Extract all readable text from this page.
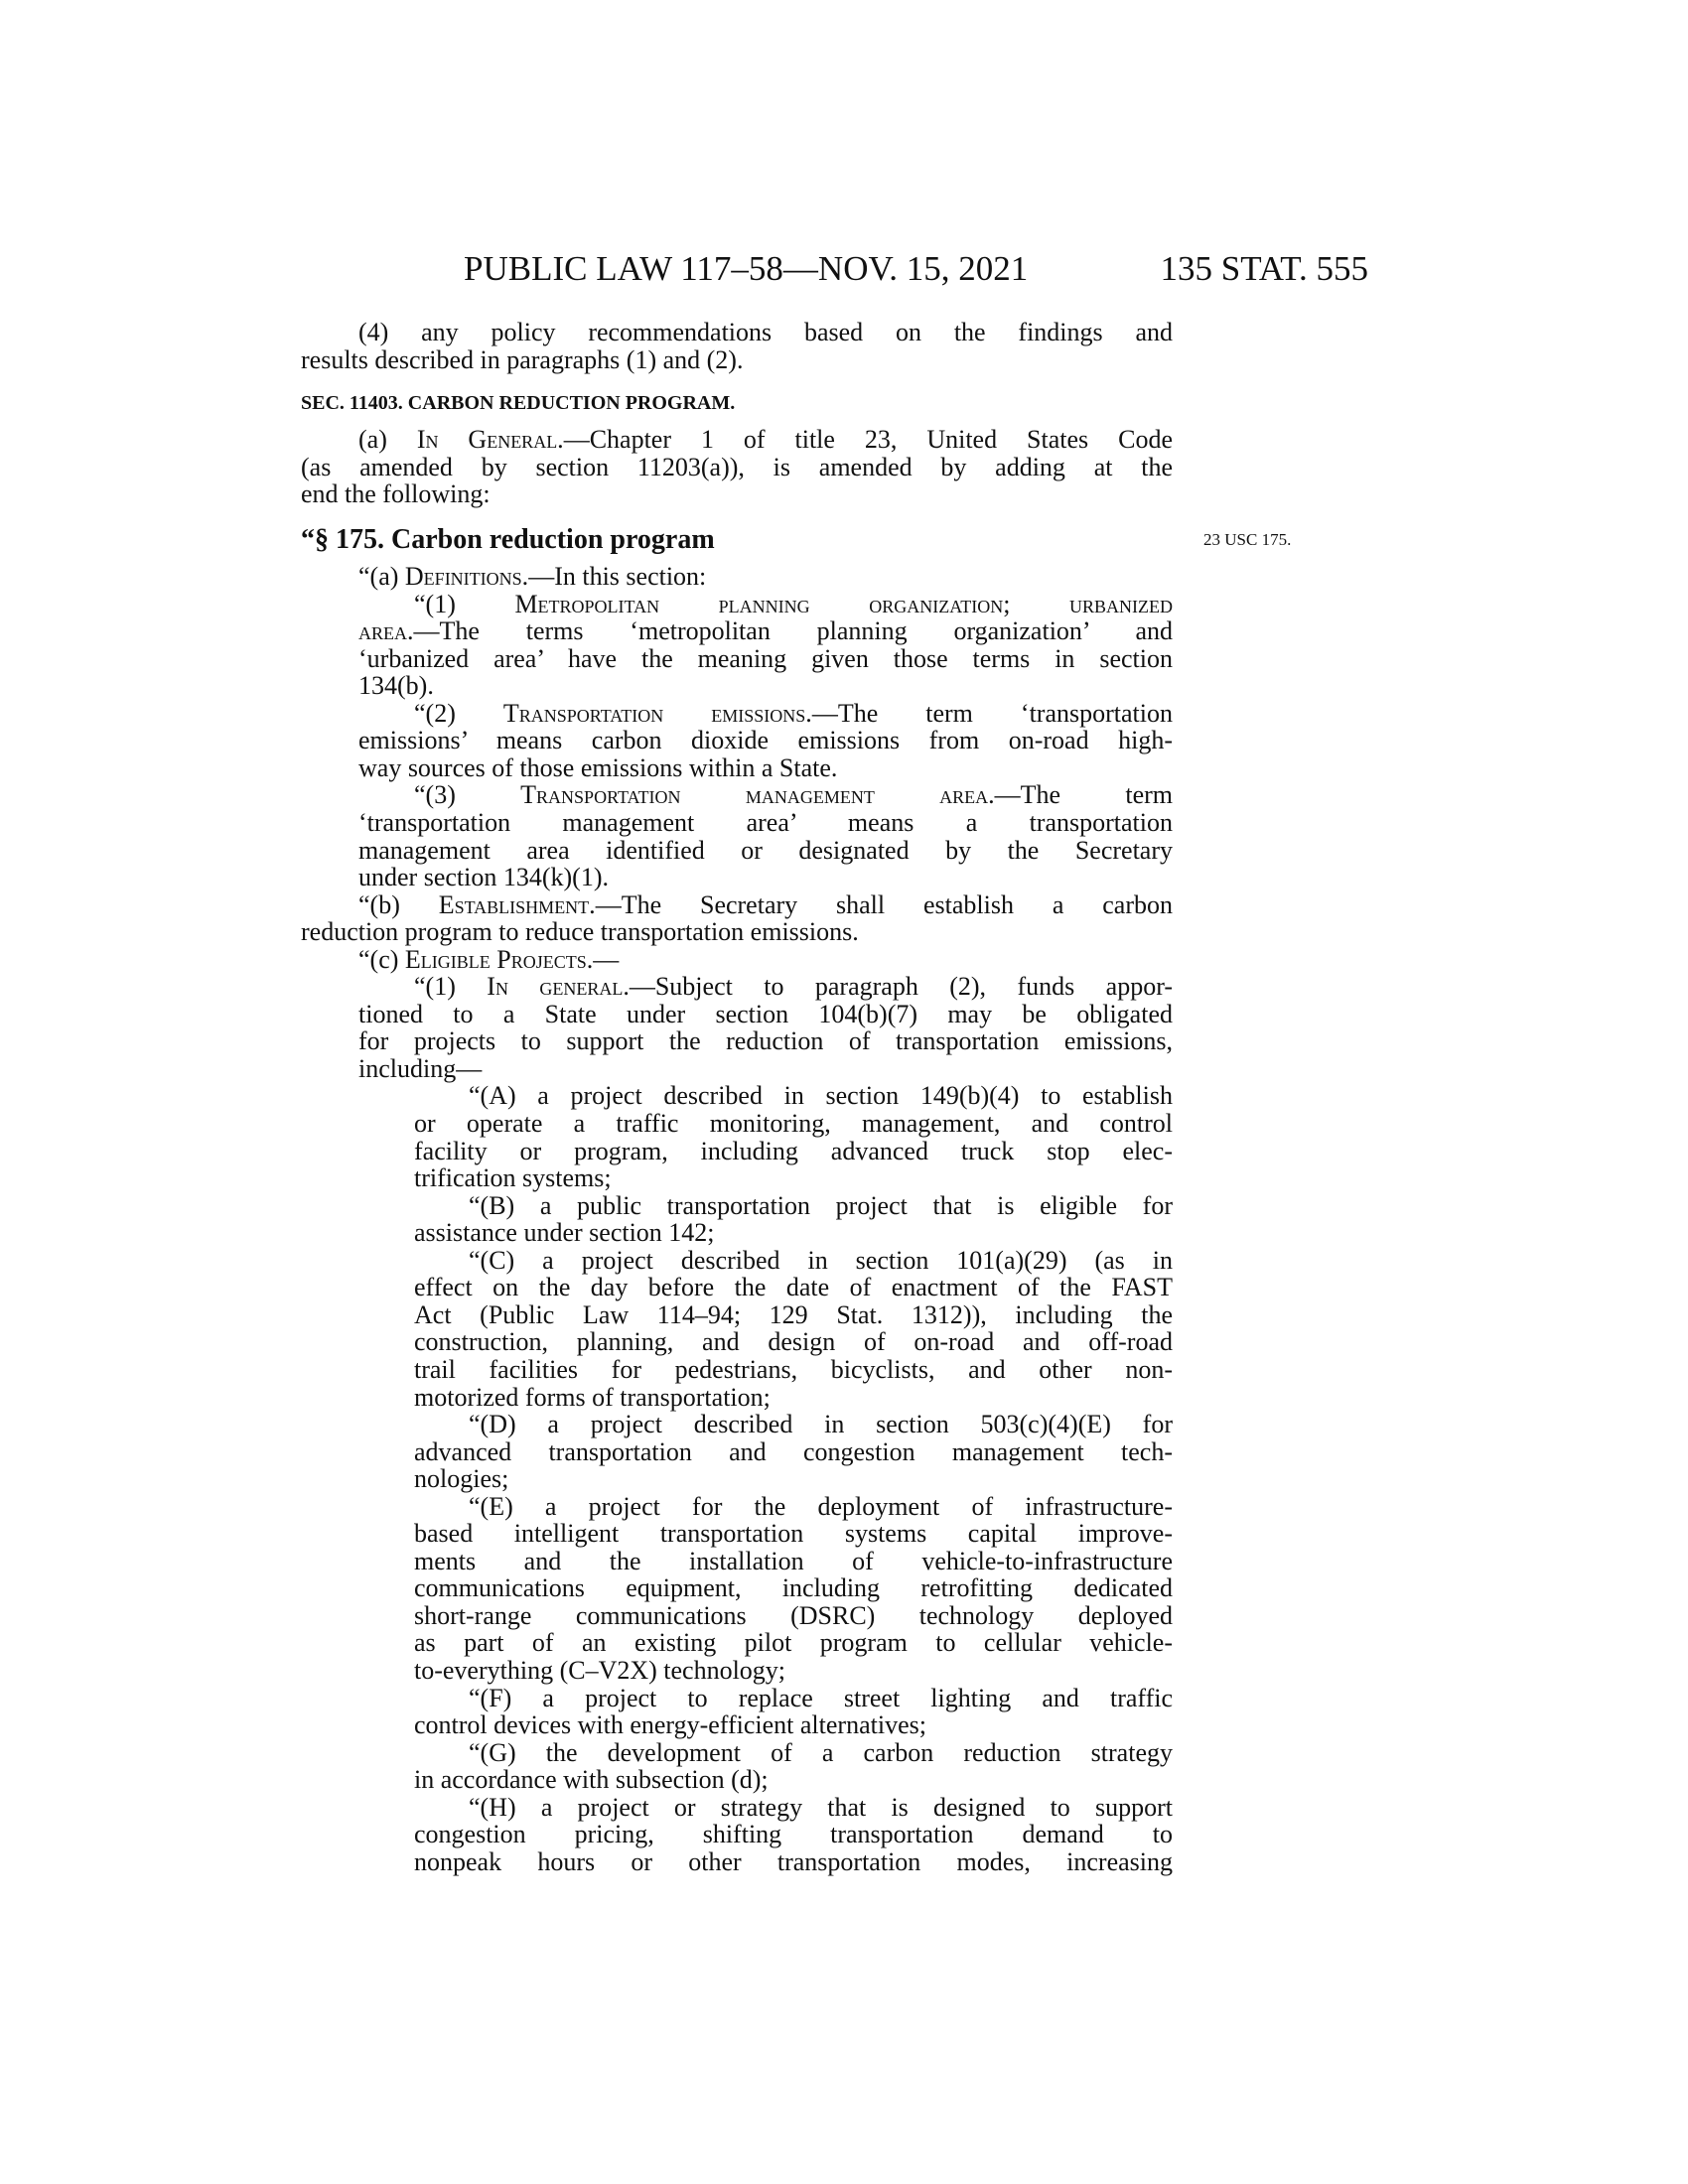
PUBLIC LAW 117–58—NOV. 15, 2021	135 STAT. 555
(4) any policy recommendations based on the findings and
results described in paragraphs (1) and (2).
SEC. 11403. CARBON REDUCTION PROGRAM.
(a) In General.—Chapter 1 of title 23, United States Code
(as amended by section 11203(a)), is amended by adding at the
end the following:
“§ 175. Carbon reduction program	23 USC 175.
“(a) Definitions.—In this section:
“(1) Metropolitan planning organization; urbanized
area.—The terms ‘metropolitan planning organization’ and
‘urbanized area’ have the meaning given those terms in section
134(b).
“(2) Transportation emissions.—The term ‘transportation
emissions’ means carbon dioxide emissions from on-road high-
way sources of those emissions within a State.
“(3) Transportation management area.—The term
‘transportation management area’ means a transportation
management area identified or designated by the Secretary
under section 134(k)(1).
“(b) Establishment.—The Secretary shall establish a carbon
reduction program to reduce transportation emissions.
“(c) Eligible Projects.—
“(1) In general.—Subject to paragraph (2), funds appor-
tioned to a State under section 104(b)(7) may be obligated
for projects to support the reduction of transportation emissions,
including—
“(A) a project described in section 149(b)(4) to establish
or operate a traffic monitoring, management, and control
facility or program, including advanced truck stop elec-
trification systems;
“(B) a public transportation project that is eligible for
assistance under section 142;
“(C) a project described in section 101(a)(29) (as in
effect on the day before the date of enactment of the FAST
Act (Public Law 114–94; 129 Stat. 1312)), including the
construction, planning, and design of on-road and off-road
trail facilities for pedestrians, bicyclists, and other non-
motorized forms of transportation;
“(D) a project described in section 503(c)(4)(E) for
advanced transportation and congestion management tech-
nologies;
“(E) a project for the deployment of infrastructure-
based intelligent transportation systems capital improve-
ments and the installation of vehicle-to-infrastructure
communications equipment, including retrofitting dedicated
short-range communications (DSRC) technology deployed
as part of an existing pilot program to cellular vehicle-
to-everything (C–V2X) technology;
“(F) a project to replace street lighting and traffic
control devices with energy-efficient alternatives;
“(G) the development of a carbon reduction strategy
in accordance with subsection (d);
“(H) a project or strategy that is designed to support
congestion pricing, shifting transportation demand to
nonpeak hours or other transportation modes, increasing
